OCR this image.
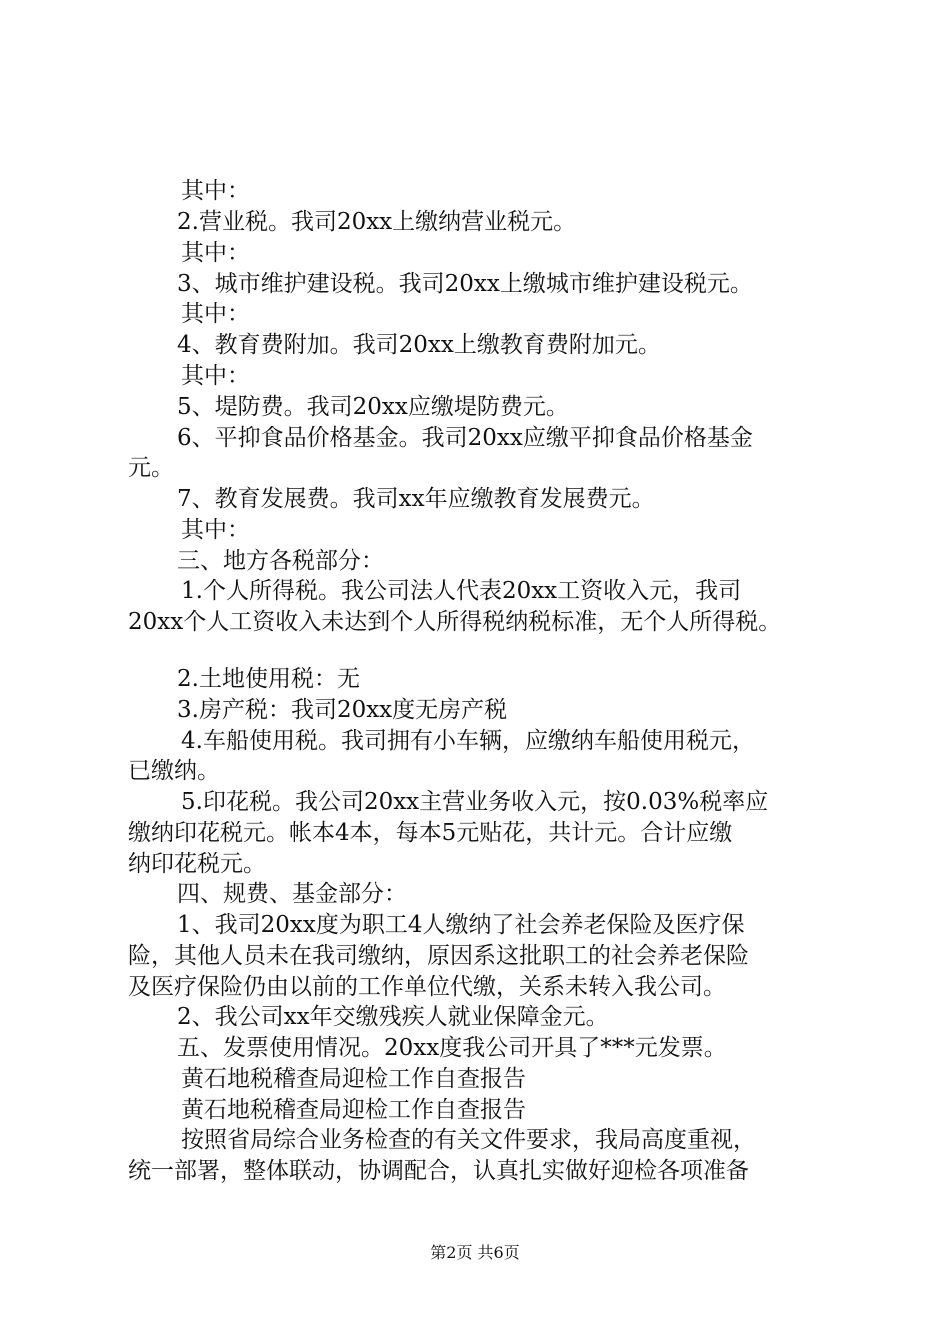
其中：
2.营业税。我司20xx上缴纳营业税元。
其中：
3、城市维护建设税。我司20xx上缴城市维护建设税元。
其中：
4、教育费附加。我司20xx上缴教育费附加元。
其中：
5、堤防费。我司20xx应缴堤防费元。
6、平抑食品价格基金。我司20xx应缴平抑食品价格基金
元。
7、教育发展费。我司xx年应缴教育发展费元。
其中：
三、地方各税部分：
1.个人所得税。我公司法人代表20xx工资收入元，我司
20xx个人工资收入未达到个人所得税纳税标准，无个人所得税。
2.土地使用税：无
3.房产税：我司20xx度无房产税
4.车船使用税。我司拥有小车辆，应缴纳车船使用税元，
已缴纳。
5.印花税。我公司20xx主营业务收入元，按0.03%税率应
缴纳印花税元。帐本4本，每本5元贴花，共计元。合计应缴
纳印花税元。
四、规费、基金部分：
1、我司20xx度为职工4人缴纳了社会养老保险及医疗保
险，其他人员未在我司缴纳，原因系这批职工的社会养老保险
及医疗保险仍由以前的工作单位代缴，关系未转入我公司。
2、我公司xx年交缴残疾人就业保障金元。
五、发票使用情况。20xx度我公司开具了***元发票。
黄石地税稽查局迎检工作自查报告
黄石地税稽查局迎检工作自查报告
按照省局综合业务检查的有关文件要求，我局高度重视，
统一部署，整体联动，协调配合，认真扎实做好迎检各项准备
第2页 共6页
